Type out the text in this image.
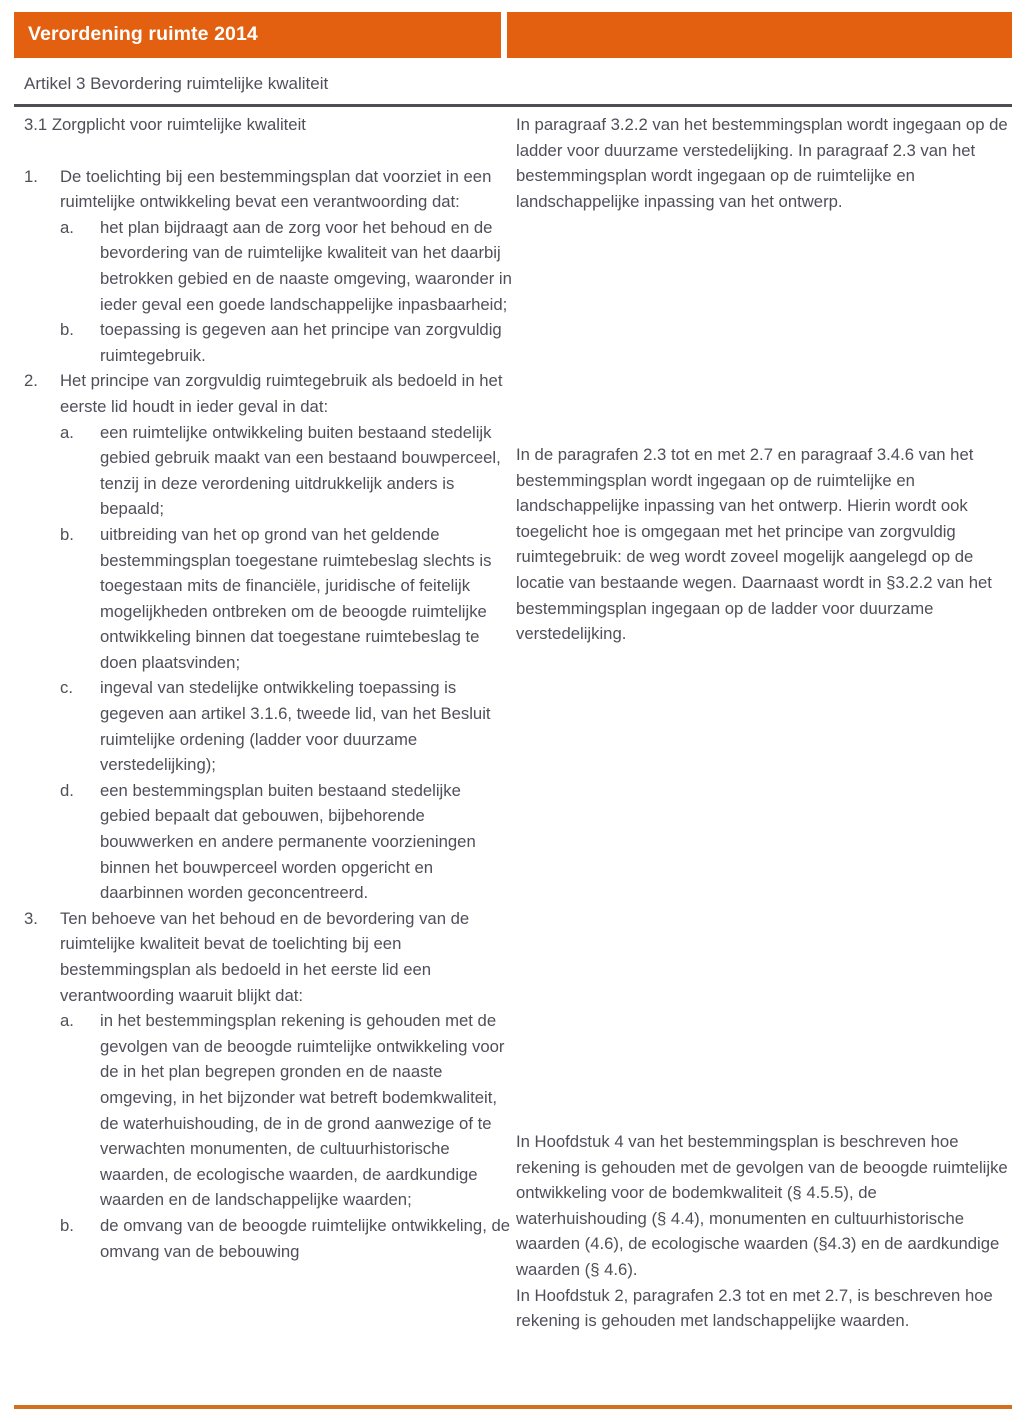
Verordening ruimte 2014
Artikel 3 Bevordering ruimtelijke kwaliteit
3.1 Zorgplicht voor ruimtelijke kwaliteit
1.	De toelichting bij een bestemmingsplan dat voorziet in een ruimtelijke ontwikkeling bevat een verantwoording dat:
a.	het plan bijdraagt aan de zorg voor het behoud en de bevordering van de ruimtelijke kwaliteit van het daarbij betrokken gebied en de naaste omgeving, waaronder in ieder geval een goede landschappelijke inpasbaarheid;
b.	toepassing is gegeven aan het principe van zorgvuldig ruimtegebruik.
2.	Het principe van zorgvuldig ruimtegebruik als bedoeld in het eerste lid houdt in ieder geval in dat:
a.	een ruimtelijke ontwikkeling buiten bestaand stedelijk gebied gebruik maakt van een bestaand bouwperceel, tenzij in deze verordening uitdrukkelijk anders is bepaald;
b.	uitbreiding van het op grond van het geldende bestemmingsplan toegestane ruimtebeslag slechts is toegestaan mits de financiële, juridische of feitelijk mogelijkheden ontbreken om de beoogde ruimtelijke ontwikkeling binnen dat toegestane ruimtebeslag te doen plaatsvinden;
c.	ingeval van stedelijke ontwikkeling toepassing is gegeven aan artikel 3.1.6, tweede lid, van het Besluit ruimtelijke ordening (ladder voor duurzame verstedelijking);
d.	een bestemmingsplan buiten bestaand stedelijke gebied bepaalt dat gebouwen, bijbehorende bouwwerken en andere permanente voorzieningen binnen het bouwperceel worden opgericht en daarbinnen worden geconcentreerd.
3.	Ten behoeve van het behoud en de bevordering van de ruimtelijke kwaliteit bevat de toelichting bij een bestemmingsplan als bedoeld in het eerste lid een verantwoording waaruit blijkt dat:
a.	in het bestemmingsplan rekening is gehouden met de gevolgen van de beoogde ruimtelijke ontwikkeling voor de in het plan begrepen gronden en de naaste omgeving, in het bijzonder wat betreft bodemkwaliteit, de waterhuishouding, de in de grond aanwezige of te verwachten monumenten, de cultuurhistorische waarden, de ecologische waarden, de aardkundige waarden en de landschappelijke waarden;
b.	de omvang van de beoogde ruimtelijke ontwikkeling, de omvang van de bebouwing

In paragraaf 3.2.2 van het bestemmingsplan wordt ingegaan op de ladder voor duurzame verstedelijking. In paragraaf 2.3 van het bestemmingsplan wordt ingegaan op de ruimtelijke en landschappelijke inpassing van het ontwerp.

In de paragrafen 2.3 tot en met 2.7 en paragraaf 3.4.6 van het bestemmingsplan wordt ingegaan op de ruimtelijke en landschappelijke inpassing van het ontwerp. Hierin wordt ook toegelicht hoe is omgegaan met het principe van zorgvuldig ruimtegebruik: de weg wordt zoveel mogelijk aangelegd op de locatie van bestaande wegen. Daarnaast wordt in §3.2.2 van het bestemmingsplan ingegaan op de ladder voor duurzame verstedelijking.

In Hoofdstuk 4 van het bestemmingsplan is beschreven hoe rekening is gehouden met de gevolgen van de beoogde ruimtelijke ontwikkeling voor de bodemkwaliteit (§ 4.5.5), de waterhuishouding (§ 4.4), monumenten en cultuurhistorische waarden (4.6), de ecologische waarden (§4.3) en de aardkundige waarden (§ 4.6).

In Hoofdstuk 2, paragrafen 2.3 tot en met 2.7, is beschreven hoe rekening is gehouden met landschappelijke waarden.
